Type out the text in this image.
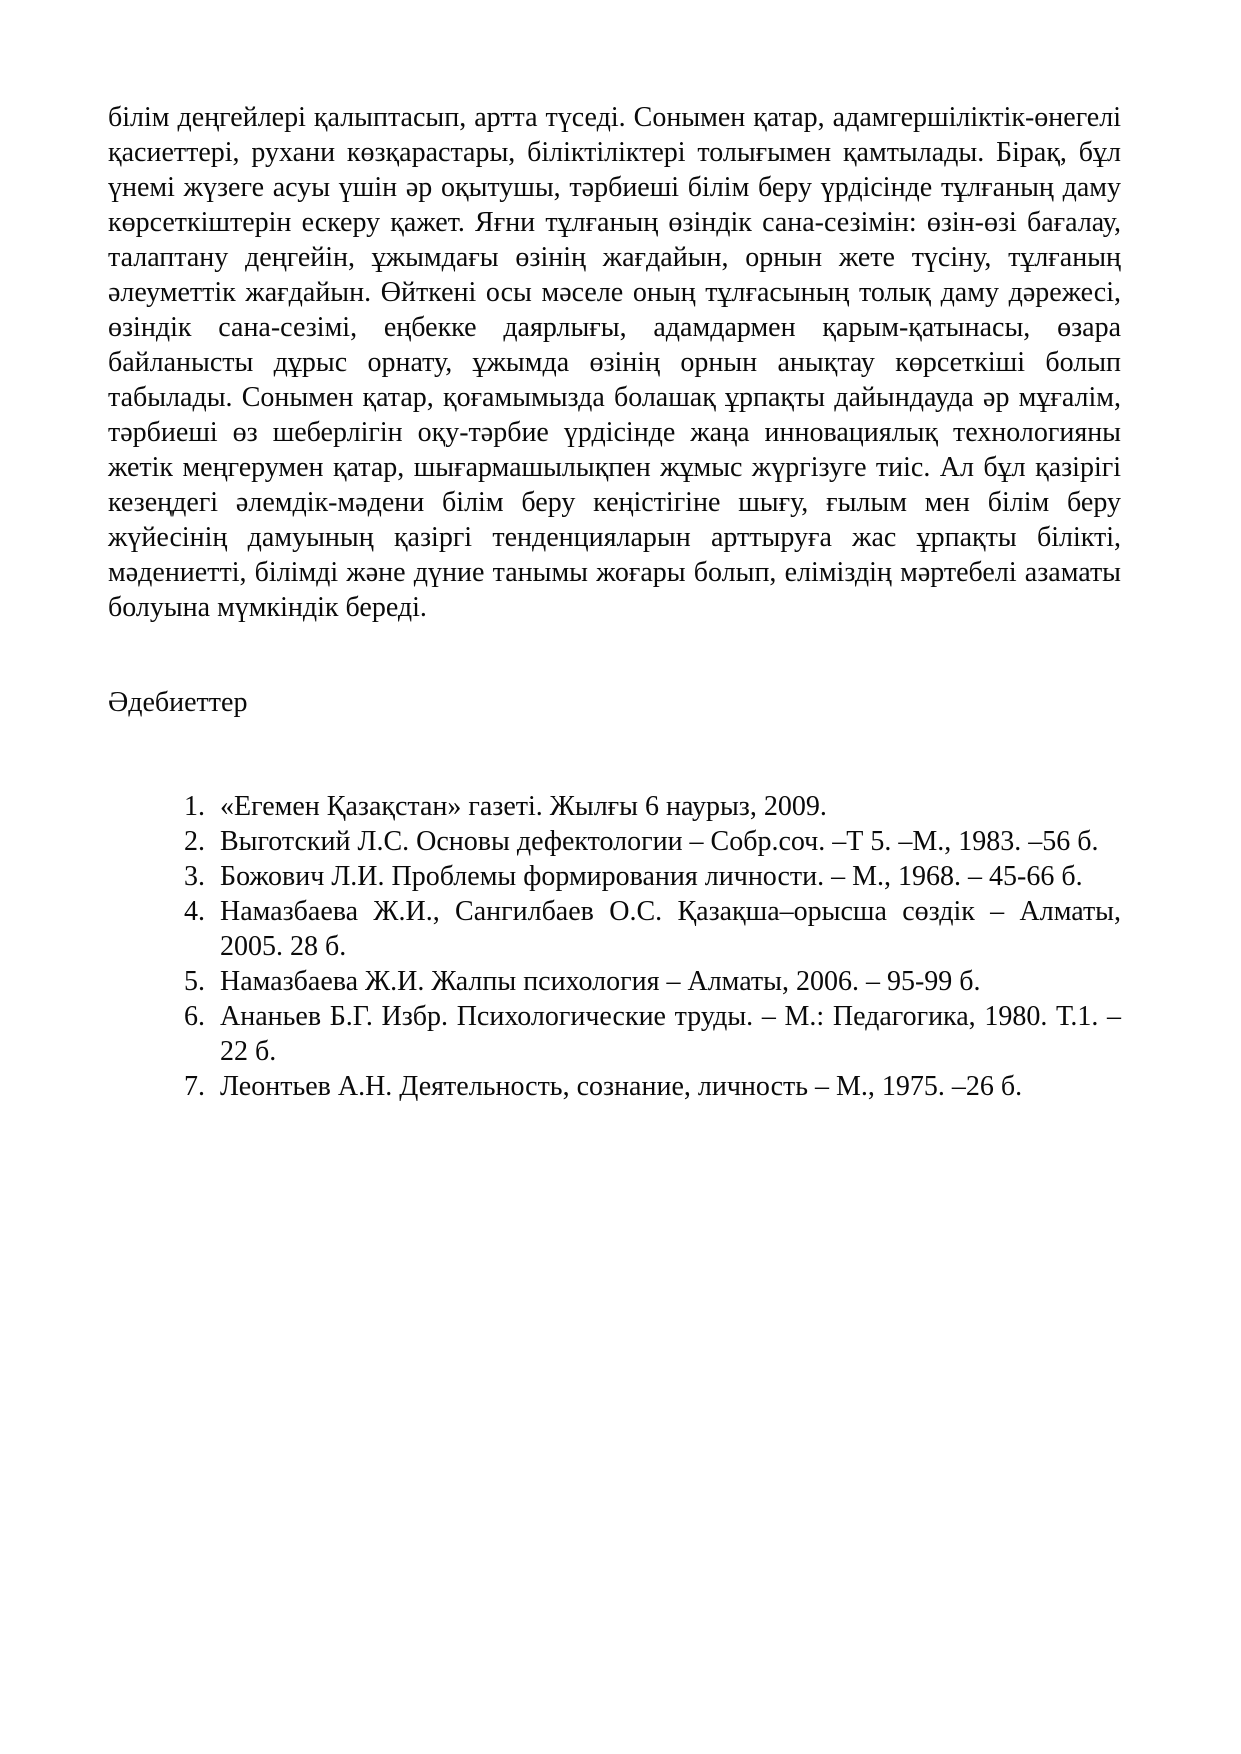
білім деңгейлері қалыптасып, артта түседі. Сонымен қатар, адамгершіліктік-өнегелі қасиеттері, рухани көзқарастары, біліктіліктері толығымен қамтылады. Бірақ, бұл үнемі жүзеге асуы үшін әр оқытушы, тәрбиеші білім беру үрдісінде тұлғаның даму көрсеткіштерін ескеру қажет. Яғни тұлғаның өзіндік сана-сезімін: өзін-өзі бағалау, талаптану деңгейін, ұжымдағы өзінің жағдайын, орнын жете түсіну, тұлғаның әлеуметтік жағдайын. Өйткені осы мәселе оның тұлғасының толық даму дәрежесі, өзіндік сана-сезімі, еңбекке даярлығы, адамдармен қарым-қатынасы, өзара байланысты дұрыс орнату, ұжымда өзінің орнын анықтау көрсеткіші болып табылады. Сонымен қатар, қоғамымызда болашақ ұрпақты дайындауда әр мұғалім, тәрбиеші өз шеберлігін оқу-тәрбие үрдісінде жаңа инновациялық технологияны жетік меңгерумен қатар, шығармашылықпен жұмыс жүргізуге тиіс. Ал бұл қазірігі кезеңдегі әлемдік-мәдени білім беру кеңістігіне шығу, ғылым мен білім беру жүйесінің дамуының қазіргі тенденцияларын арттыруға жас ұрпақты білікті, мәдениетті, білімді және дүние танымы жоғары болып, еліміздің мәртебелі азаматы болуына мүмкіндік береді.

Әдебиеттер

1. «Егемен Қазақстан» газеті. Жылғы 6 наурыз, 2009.
2. Выготский Л.С. Основы дефектологии – Собр.соч. –Т 5. –М., 1983. –56 б.
3. Божович Л.И. Проблемы формирования личности. – М., 1968. – 45-66 б.
4. Намазбаева Ж.И., Сангилбаев О.С. Қазақша–орысша сөздік – Алматы, 2005. 28 б.
5. Намазбаева Ж.И. Жалпы психология – Алматы, 2006. – 95-99 б.
6. Ананьев Б.Г. Избр. Психологические труды. – М.: Педагогика, 1980. Т.1. –22 б.
7. Леонтьев А.Н. Деятельность, сознание, личность – М., 1975. –26 б.
